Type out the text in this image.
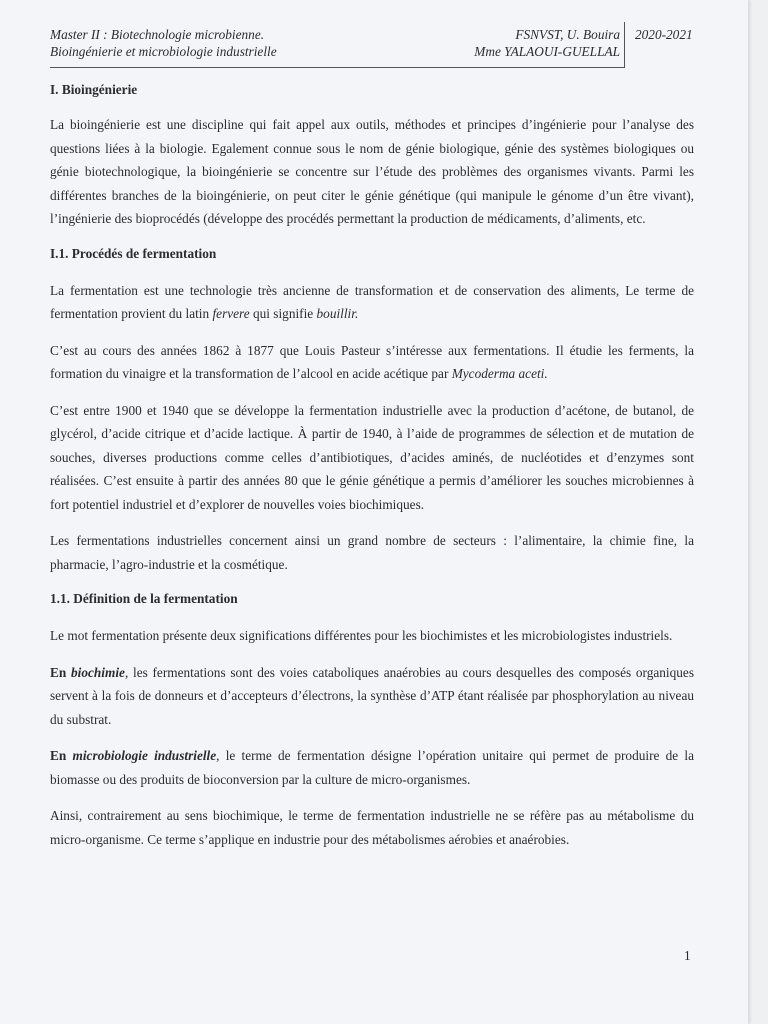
Master II : Biotechnologie microbienne.
Bioingénierie et microbiologie industrielle
FSNVST, U. Bouira
Mme YALAOUI-GUELLAL
2020-2021
I. Bioingénierie

La bioingénierie est une discipline qui fait appel aux outils, méthodes et principes d’ingénierie pour l’analyse des questions liées à la biologie. Egalement connue sous le nom de génie biologique, génie des systèmes biologiques ou génie biotechnologique, la bioingénierie se concentre sur l’étude des problèmes des organismes vivants. Parmi les différentes branches de la bioingénierie, on peut citer le génie génétique (qui manipule le génome d’un être vivant), l’ingénierie des bioprocédés (développe des procédés permettant la production de médicaments, d’aliments, etc.

I.1. Procédés de fermentation

La fermentation est une technologie très ancienne de transformation et de conservation des aliments, Le terme de fermentation provient du latin fervere qui signifie bouillir.

C’est au cours des années 1862 à 1877 que Louis Pasteur s’intéresse aux fermentations. Il étudie les ferments, la formation du vinaigre et la transformation de l’alcool en acide acétique par Mycoderma aceti.

C’est entre 1900 et 1940 que se développe la fermentation industrielle avec la production d’acétone, de butanol, de glycérol, d’acide citrique et d’acide lactique. À partir de 1940, à l’aide de programmes de sélection et de mutation de souches, diverses productions comme celles d’antibiotiques, d’acides aminés, de nucléotides et d’enzymes sont réalisées. C’est ensuite à partir des années 80 que le génie génétique a permis d’améliorer les souches microbiennes à fort potentiel industriel et d’explorer de nouvelles voies biochimiques.

Les fermentations industrielles concernent ainsi un grand nombre de secteurs : l’alimentaire, la chimie fine, la pharmacie, l’agro-industrie et la cosmétique.

1.1. Définition de la fermentation

Le mot fermentation présente deux significations différentes pour les biochimistes et les microbiologistes industriels.

En biochimie, les fermentations sont des voies cataboliques anaérobies au cours desquelles des composés organiques servent à la fois de donneurs et d’accepteurs d’électrons, la synthèse d’ATP étant réalisée par phosphorylation au niveau du substrat.

En microbiologie industrielle, le terme de fermentation désigne l’opération unitaire qui permet de produire de la biomasse ou des produits de bioconversion par la culture de micro-organismes.

Ainsi, contrairement au sens biochimique, le terme de fermentation industrielle ne se réfère pas au métabolisme du micro-organisme. Ce terme s’applique en industrie pour des métabolismes aérobies et anaérobies.

1
